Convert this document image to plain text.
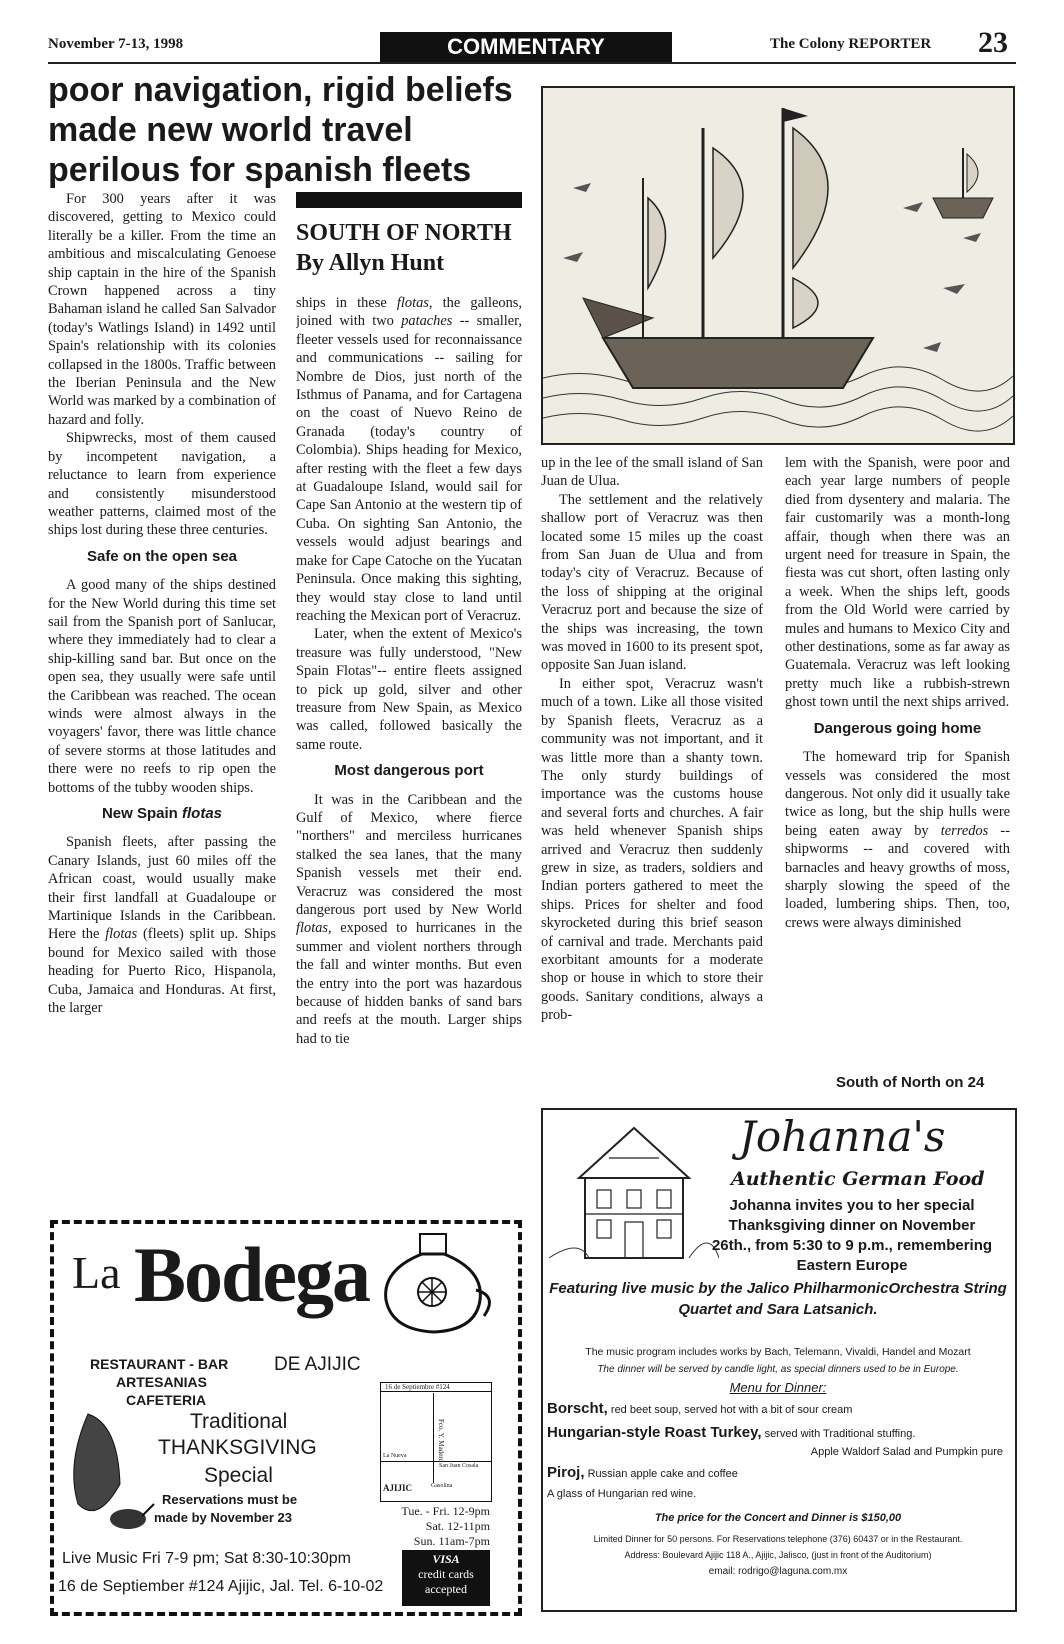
November 7-13, 1998	COMMENTARY	The Colony REPORTER 23
poor navigation, rigid beliefs made new world travel perilous for spanish fleets

For 300 years after it was discovered, getting to Mexico could literally be a killer. From the time an ambitious and miscalculating Genoese ship captain in the hire of the Spanish Crown happened across a tiny Bahaman island he called San Salvador (today's Watlings Island) in 1492 until Spain's relationship with its colonies collapsed in the 1800s. Traffic between the Iberian Peninsula and the New World was marked by a combination of hazard and folly.

Shipwrecks, most of them caused by incompetent navigation, a reluctance to learn from experience and consistently misunderstood weather patterns, claimed most of the ships lost during these three centuries.

Safe on the open sea

A good many of the ships destined for the New World during this time set sail from the Spanish port of Sanlucar, where they immediately had to clear a ship-killing sand bar. But once on the open sea, they usually were safe until the Caribbean was reached. The ocean winds were almost always in the voyagers' favor, there was little chance of severe storms at those latitudes and there were no reefs to rip open the bottoms of the tubby wooden ships.

New Spain flotas

Spanish fleets, after passing the Canary Islands, just 60 miles off the African coast, would usually make their first landfall at Guadaloupe or Martinique Islands in the Caribbean. Here the flotas (fleets) split up. Ships bound for Mexico sailed with those heading for Puerto Rico, Hispanola, Cuba, Jamaica and Honduras. At first, the larger

SOUTH OF NORTH
By Allyn Hunt

ships in these flotas, the galleons, joined with two pataches -- smaller, fleeter vessels used for reconnaissance and communications -- sailing for Nombre de Dios, just north of the Isthmus of Panama, and for Cartagena on the coast of Nuevo Reino de Granada (today's country of Colombia). Ships heading for Mexico, after resting with the fleet a few days at Guadaloupe Island, would sail for Cape San Antonio at the western tip of Cuba. On sighting San Antonio, the vessels would adjust bearings and make for Cape Catoche on the Yucatan Peninsula. Once making this sighting, they would stay close to land until reaching the Mexican port of Veracruz.

Later, when the extent of Mexico's treasure was fully understood, "New Spain Flotas"-- entire fleets assigned to pick up gold, silver and other treasure from New Spain, as Mexico was called, followed basically the same route.

Most dangerous port

It was in the Caribbean and the Gulf of Mexico, where fierce "northers" and merciless hurricanes stalked the sea lanes, that the many Spanish vessels met their end. Veracruz was considered the most dangerous port used by New World flotas, exposed to hurricanes in the summer and violent northers through the fall and winter months. But even the entry into the port was hazardous because of hidden banks of sand bars and reefs at the mouth. Larger ships had to tie

up in the lee of the small island of San Juan de Ulua.

The settlement and the relatively shallow port of Veracruz was then located some 15 miles up the coast from San Juan de Ulua and from today's city of Veracruz. Because of the loss of shipping at the original Veracruz port and because the size of the ships was increasing, the town was moved in 1600 to its present spot, opposite San Juan island.

In either spot, Veracruz wasn't much of a town. Like all those visited by Spanish fleets, Veracruz as a community was not important, and it was little more than a shanty town. The only sturdy buildings of importance was the customs house and several forts and churches. A fair was held whenever Spanish ships arrived and Veracruz then suddenly grew in size, as traders, soldiers and Indian porters gathered to meet the ships. Prices for shelter and food skyrocketed during this brief season of carnival and trade. Merchants paid exorbitant amounts for a moderate shop or house in which to store their goods. Sanitary conditions, always a prob-

lem with the Spanish, were poor and each year large numbers of people died from dysentery and malaria. The fair customarily was a month-long affair, though when there was an urgent need for treasure in Spain, the fiesta was cut short, often lasting only a week. When the ships left, goods from the Old World were carried by mules and humans to Mexico City and other destinations, some as far away as Guatemala. Veracruz was left looking pretty much like a rubbish-strewn ghost town until the next ships arrived.

Dangerous going home

The homeward trip for Spanish vessels was considered the most dangerous. Not only did it usually take twice as long, but the ship hulls were being eaten away by terredos -- shipworms -- and covered with barnacles and heavy growths of moss, sharply slowing the speed of the loaded, lumbering ships. Then, too, crews were always diminished

South of North on 24
La Bodega
RESTAURANT - BAR DE AJIJIC
ARTESANIAS
CAFETERIA
Traditional
THANKSGIVING
Special
Reservations must be
made by November 23
16 de Septiembre #124
Fco. Y. Madero
La Nueva
San Juan Cosala
AJIJIC	Gasolina
Tue. - Fri. 12-9pm
Sat. 12-11pm
Sun. 11am-7pm
VISA
credit cards accepted
Live Music Fri 7-9 pm; Sat 8:30-10:30pm
16 de Septiember #124 Ajijic, Jal. Tel. 6-10-02
Johanna's
Authentic German Food
Johanna invites you to her special Thanksgiving dinner on November 26th., from 5:30 to 9 p.m., remembering Eastern Europe
Featuring live music by the Jalico PhilharmonicOrchestra String Quartet and Sara Latsanich.
The music program includes works by Bach, Telemann, Vivaldi, Handel and Mozart
The dinner will be served by candle light, as special dinners used to be in Europe.
Menu for Dinner:
Borscht, red beet soup, served hot with a bit of sour cream
Hungarian-style Roast Turkey, served with Traditional stuffing.
Apple Waldorf Salad and Pumpkin pure
Piroj, Russian apple cake and coffee
A glass of Hungarian red wine.
The price for the Concert and Dinner is $150,00
Limited Dinner for 50 persons. For Reservations telephone (376) 60437 or in the Restaurant.
Address: Boulevard Ajijic 118 A., Ajijic, Jalisco, (just in front of the Auditorium)
email: rodrigo@laguna.com.mx
